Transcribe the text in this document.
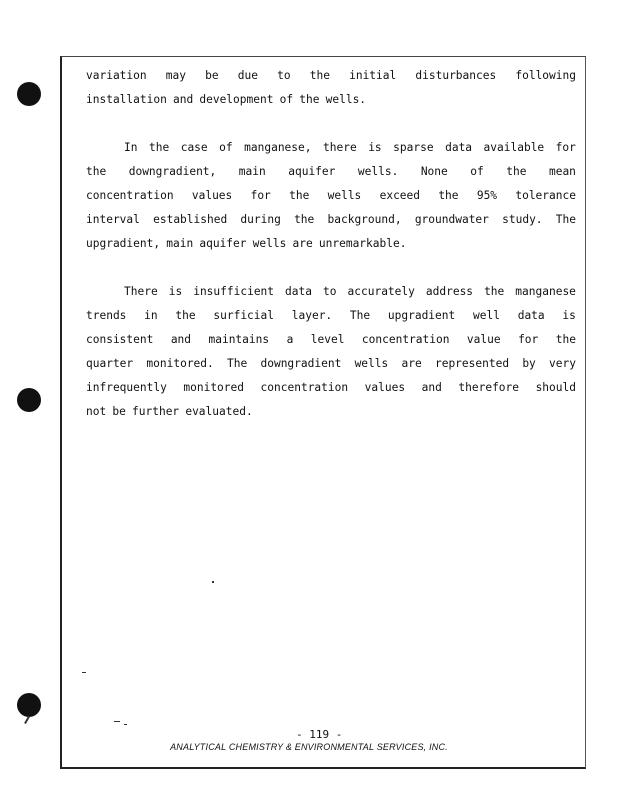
variation may be due to the initial disturbances following
installation and development of the wells.
In the case of manganese, there is sparse data available for
the downgradient, main aquifer wells. None of the mean
concentration values for the wells exceed the 95% tolerance
interval established during the background, groundwater study. The
upgradient, main aquifer wells are unremarkable.
There is insufficient data to accurately address the manganese
trends in the surficial layer. The upgradient well data is
consistent and maintains a level concentration value for the
quarter monitored. The downgradient wells are represented by very
infrequently monitored concentration values and therefore should
not be further evaluated.
- 119 -
ANALYTICAL CHEMISTRY & ENVIRONMENTAL SERVICES, INC.
